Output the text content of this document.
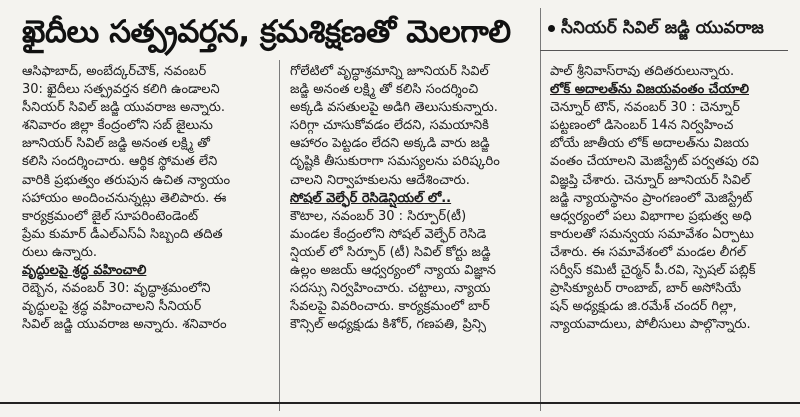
ఖైదీలు సత్ప్రవర్తన, క్రమశిక్షణతో మెలగాలి	సీనియర్ సివిల్ జడ్జి యువరాజ
ఆసిఫాబాద్, అంబేద్కర్‌చౌక్, నవంబర్
30: ఖైదీలు సత్ప్రవర్తన కలిగి ఉండాలని
సీనియర్ సివిల్ జడ్జి యువరాజ అన్నారు.
శనివారం జిల్లా కేంద్రంలోని సబ్ జైలును
జూనియర్ సివిల్ జడ్జి అనంత లక్ష్మి తో
కలిసి సందర్శించారు. ఆర్థిక స్థోమత లేని
వారికి ప్రభుత్వం తరుపున ఉచిత న్యాయం
సహాయం అందించనున్నట్లు తెలిపారు. ఈ
కార్యక్రమంలో జైల్ సూపరింటెండెంట్
ప్రేమ కుమార్ డీఎల్ఎస్ఏ సిబ్బంది తదిత
రులు ఉన్నారు.
వృద్ధులపై శ్రద్ధ వహించాలి
రెబ్బెన, నవంబర్ 30: వృద్ధాశ్రమంలోని
వృద్ధులపై శ్రద్ధ వహించాలని సీనియర్
సివిల్ జడ్జి యువరాజ అన్నారు. శనివారం
గోలేటిలో వృద్ధాశ్రమాన్ని జూనియర్ సివిల్
జడ్జి అనంత లక్ష్మి తో కలిసి సందర్శించి
అక్కడి వసతులపై అడిగి తెలుసుకున్నారు.
సరిగ్గా చూసుకోవడం లేదని, సమయానికి
ఆహారం పెట్టడం లేదని అక్కడి వారు జడ్జి
దృష్టికి తీసుకురాగా సమస్యలను పరిష్కరిం
చాలని నిర్వాహకులను ఆదేశించారు.
సోషల్ వెల్ఫేర్ రెసిడెన్షియల్ లో..
కౌటాల, నవంబర్ 30 : సిర్పూర్(టీ)
మండల కేంద్రంలోని సోషల్ వెల్ఫేర్ రెసిడె
న్షియల్ లో సిర్పూర్ (టీ) సివిల్ కోర్టు జడ్జి
ఉల్లం అజయ్ ఆధ్వర్యంలో న్యాయ విజ్ఞాన
సదస్సు నిర్వహించారు. చట్టాలు, న్యాయ
సేవలపై వివరించారు. కార్యక్రమంలో బార్
కౌన్సిల్ అధ్యక్షుడు కిశోర్, గణపతి, ప్రిన్సి
పాల్ శ్రీనివాస్‌రావు తదితరులున్నారు.
లోక్ అదాలత్‌ను విజయవంతం చేయాలి
చెన్నూర్ టౌన్, నవంబర్ 30 : చెన్నూర్
పట్టణంలో డిసెంబర్ 14న నిర్వహించ
బోయే జాతీయ లోక్ అదాలత్‌ను విజయ
వంతం చేయాలని మెజిస్ట్రేట్ పర్వతపు రవి
విజ్ఞప్తి చేశారు. చెన్నూర్ జూనియర్ సివిల్
జడ్జి న్యాయస్థానం ప్రాంగణంలో మెజిస్ట్రేట్
ఆధ్వర్యంలో పలు విభాగాల ప్రభుత్వ అధి
కారులతో సమన్వయ సమావేశం ఏర్పాటు
చేశారు. ఈ సమావేశంలో మండల లీగల్
సర్వీస్ కమిటీ చైర్మన్ పీ.రవి, స్పెషల్ పబ్లిక్
ప్రాసిక్యూటర్ రాంబాబ్, బార్ అసోసియే
షన్ అధ్యక్షుడు జి.రమేశ్ చందర్ గిల్లా,
న్యాయవాదులు, పోలీసులు పాల్గొన్నారు.
